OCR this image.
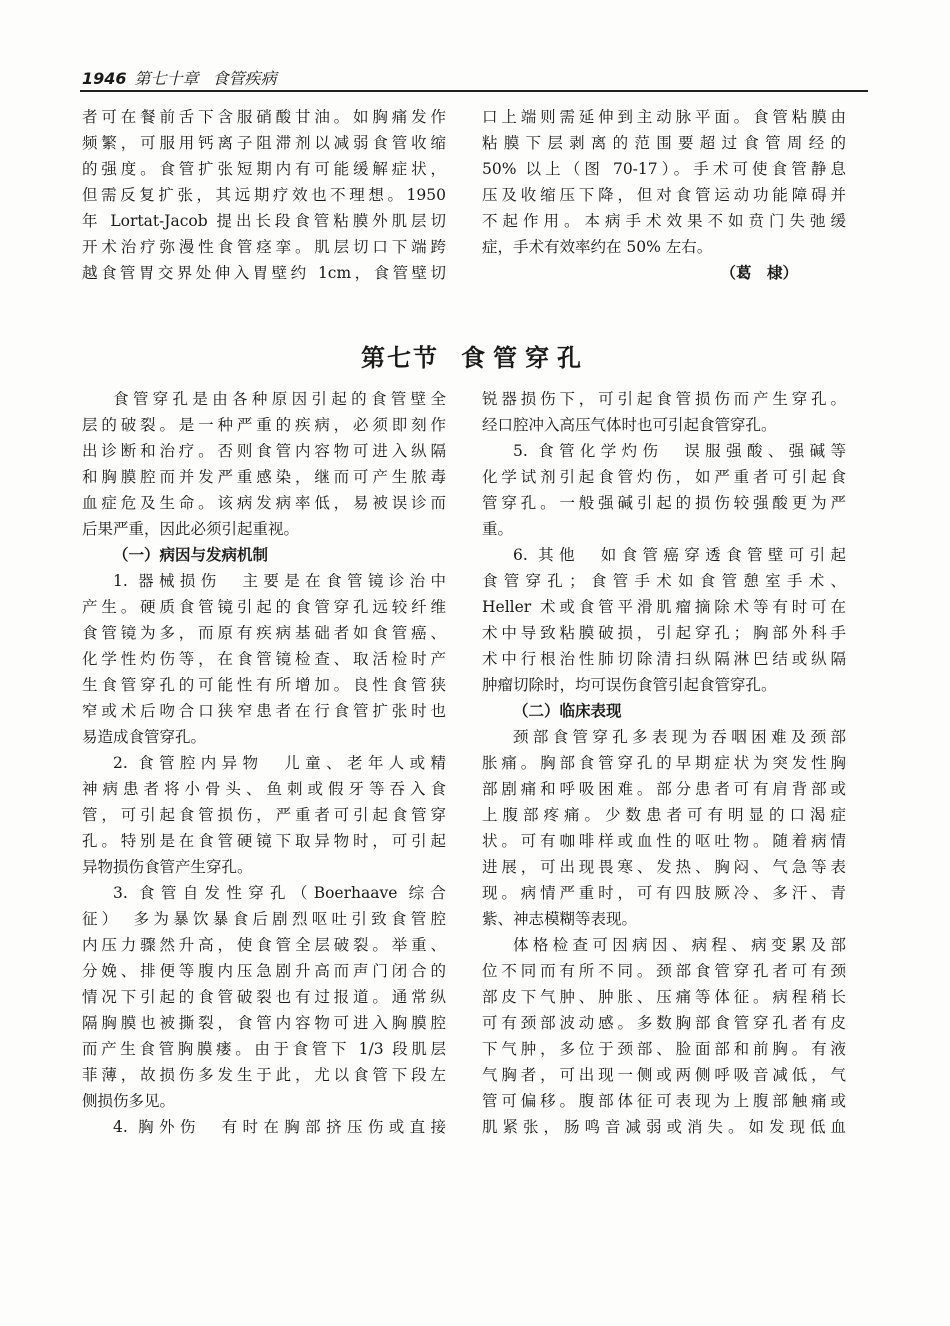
1946 第七十章 食管疾病

者可在餐前舌下含服硝酸甘油。如胸痛发作
频繁，可服用钙离子阻滞剂以减弱食管收缩
的强度。食管扩张短期内有可能缓解症状，
但需反复扩张，其远期疗效也不理想。1950
年 Lortat-Jacob 提出长段食管粘膜外肌层切
开术治疗弥漫性食管痉挛。肌层切口下端跨
越食管胃交界处伸入胃壁约 1cm，食管壁切

口上端则需延伸到主动脉平面。食管粘膜由
粘膜下层剥离的范围要超过食管周经的
50% 以上（图 70-17）。手术可使食管静息
压及收缩压下降，但对食管运动功能障碍并
不起作用。本病手术效果不如贲门失弛缓
症，手术有效率约在 50% 左右。

（葛　棣）
第七节 食管穿孔

食管穿孔是由各种原因引起的食管壁全
层的破裂。是一种严重的疾病，必须即刻作
出诊断和治疗。否则食管内容物可进入纵隔
和胸膜腔而并发严重感染，继而可产生脓毒
血症危及生命。该病发病率低，易被误诊而
后果严重，因此必须引起重视。

（一）病因与发病机制

1. 器械损伤　主要是在食管镜诊治中
产生。硬质食管镜引起的食管穿孔远较纤维
食管镜为多，而原有疾病基础者如食管癌、
化学性灼伤等，在食管镜检查、取活检时产
生食管穿孔的可能性有所增加。良性食管狭
窄或术后吻合口狭窄患者在行食管扩张时也
易造成食管穿孔。

2. 食管腔内异物　儿童、老年人或精
神病患者将小骨头、鱼刺或假牙等吞入食
管，可引起食管损伤，严重者可引起食管穿
孔。特别是在食管硬镜下取异物时，可引起
异物损伤食管产生穿孔。

3. 食管自发性穿孔（Boerhaave 综合
征）　多为暴饮暴食后剧烈呕吐引致食管腔
内压力骤然升高，使食管全层破裂。举重、
分娩、排便等腹内压急剧升高而声门闭合的
情况下引起的食管破裂也有过报道。通常纵
隔胸膜也被撕裂，食管内容物可进入胸膜腔
而产生食管胸膜瘘。由于食管下 1/3 段肌层
菲薄，故损伤多发生于此，尤以食管下段左
侧损伤多见。

4. 胸外伤　有时在胸部挤压伤或直接

锐器损伤下，可引起食管损伤而产生穿孔。
经口腔冲入高压气体时也可引起食管穿孔。

5. 食管化学灼伤　误服强酸、强碱等
化学试剂引起食管灼伤，如严重者可引起食
管穿孔。一般强碱引起的损伤较强酸更为严
重。

6. 其他　如食管癌穿透食管壁可引起
食管穿孔；食管手术如食管憩室手术、
Heller 术或食管平滑肌瘤摘除术等有时可在
术中导致粘膜破损，引起穿孔；胸部外科手
术中行根治性肺切除清扫纵隔淋巴结或纵隔
肿瘤切除时，均可误伤食管引起食管穿孔。

（二）临床表现

颈部食管穿孔多表现为吞咽困难及颈部
胀痛。胸部食管穿孔的早期症状为突发性胸
部剧痛和呼吸困难。部分患者可有肩背部或
上腹部疼痛。少数患者可有明显的口渴症
状。可有咖啡样或血性的呕吐物。随着病情
进展，可出现畏寒、发热、胸闷、气急等表
现。病情严重时，可有四肢厥冷、多汗、青
紫、神志模糊等表现。

体格检查可因病因、病程、病变累及部
位不同而有所不同。颈部食管穿孔者可有颈
部皮下气肿、肿胀、压痛等体征。病程稍长
可有颈部波动感。多数胸部食管穿孔者有皮
下气肿，多位于颈部、脸面部和前胸。有液
气胸者，可出现一侧或两侧呼吸音减低，气
管可偏移。腹部体征可表现为上腹部触痛或
肌紧张，肠鸣音减弱或消失。如发现低血
